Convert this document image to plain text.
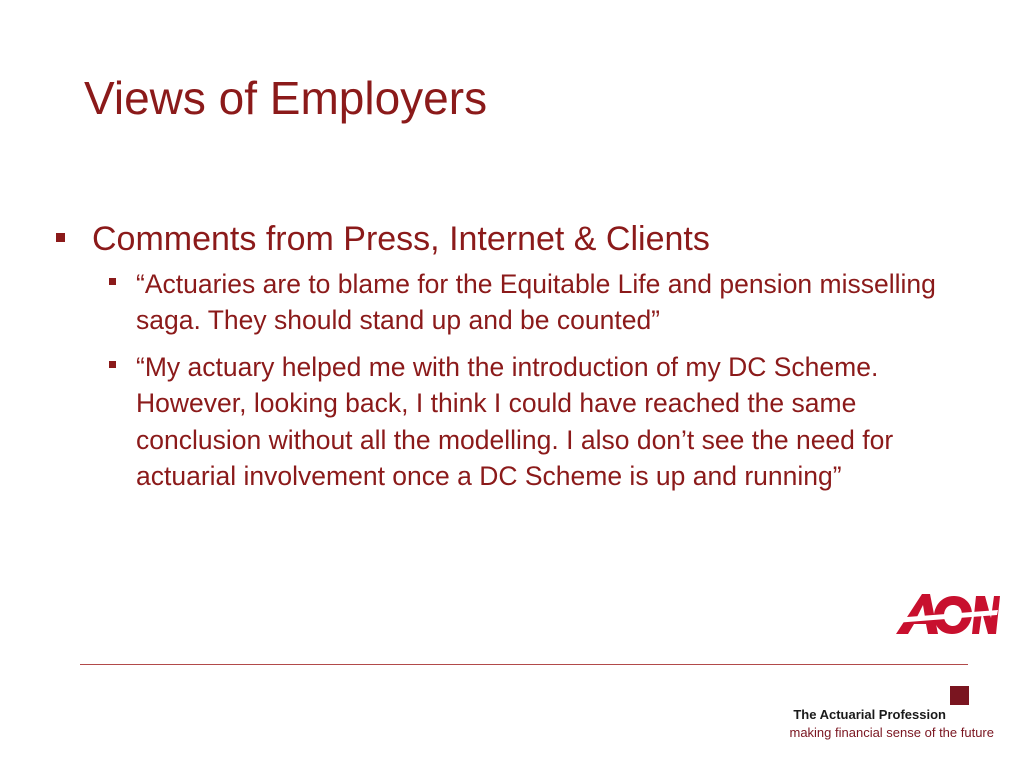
Views of Employers
Comments from Press, Internet & Clients
“Actuaries are to blame for the Equitable Life and pension misselling saga. They should stand up and be counted”
“My actuary helped me with the introduction of my DC Scheme. However, looking back, I think I could have reached the same conclusion without all the modelling. I also don’t see the need for actuarial involvement once a DC Scheme is up and running”
The Actuarial Profession
making financial sense of the future
